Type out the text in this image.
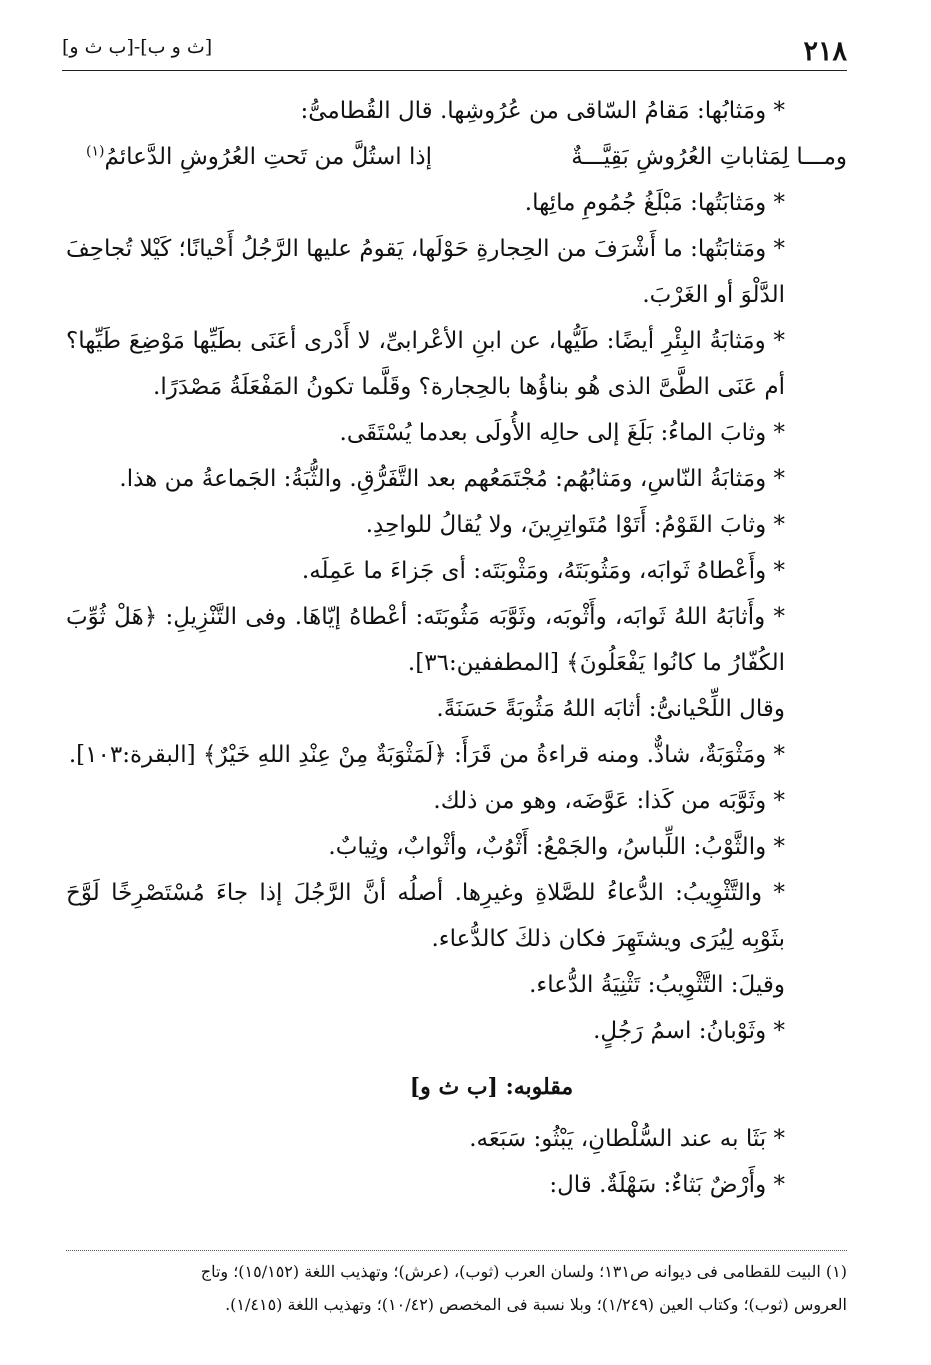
٢١٨
[ث و ب]-[ب ث و]

* ومَثابُها: مَقامُ السّاقى من عُرُوشِها. قال القُطامىُّ:

ومـــا لِمَثاباتِ العُرُوشِ بَقِيَّـــةٌ
إذا استُلَّ من تَحتِ العُرُوشِ الدَّعائمُ$^{(١)}$

* ومَثابَتُها: مَبْلَغُ جُمُومِ مائِها.

* ومَثابَتُها: ما أَشْرَفَ من الحِجارةِ حَوْلَها، يَقومُ عليها الرَّجُلُ أَحْيانًا؛ كَيْلا تُجاحِفَ الدَّلْوَ أو الغَرْبَ.

* ومَثابَةُ البِئْرِ أيضًا: طَيُّها، عن ابنِ الأعْرابىِّ، لا أَدْرى أعَنَى بطَيِّها مَوْضِعَ طَيِّها؟ أم عَنَى الطَّىَّ الذى هُو بناؤُها بالحِجارة؟ وقَلَّما تكونُ المَفْعَلَةُ مَصْدَرًا.

* وثابَ الماءُ: بَلَغَ إلى حالِه الأُولَى بعدما يُسْتَقَى.

* ومَثابَةُ النّاسِ، ومَثابُهُم: مُجْتَمَعُهم بعد التَّفَرُّقِ. والثُّبَةُ: الجَماعةُ من هذا.

* وثابَ القَوْمُ: أَتَوْا مُتَواتِرِينَ، ولا يُقالُ للواحِدِ.

* وأَعْطاهُ ثَوابَه، ومَثُوبَتَهُ، ومَثْوبَتَه: أى جَزاءَ ما عَمِلَه.

* وأَثابَهُ اللهُ ثَوابَه، وأَثْوبَه، وثَوَّبَه مَثُوبَتَه: أعْطاهُ إيّاهَا. وفى التَّنْزِيلِ: ﴿هَلْ ثُوِّبَ الكُفّارُ ما كانُوا يَفْعَلُونَ﴾ [المطففين:٣٦].

وقال اللِّحْيانىُّ: أثابَه اللهُ مَثُوبَةً حَسَنَةً.

* ومَثْوَبَةٌ، شاذٌّ. ومنه قراءةُ من قَرَأَ: ﴿لَمَثْوَبَةٌ مِنْ عِنْدِ اللهِ خَيْرٌ﴾ [البقرة:١٠٣].

* وثَوَّبَه من كَذا: عَوَّضَه، وهو من ذلك.

* والثَّوْبُ: اللِّباسُ، والجَمْعُ: أَثْوُبٌ، وأثْوابٌ، وثِيابٌ.

* والتَّثْوِيبُ: الدُّعاءُ للصَّلاةِ وغيرِها. أصلُه أنَّ الرَّجُلَ إذا جاءَ مُسْتَصْرِخًا لَوَّحَ بثَوْبِه لِيُرَى ويشتَهِرَ فكان ذلكَ كالدُّعاء.

وقيلَ: التَّثْوِيبُ: تَثْنِيَةُ الدُّعاء.

* وثَوْبانُ: اسمُ رَجُلٍ.

مقلوبه: [ب ث و]

* بَثَا به عند السُّلْطانِ، يَبْثُو: سَبَعَه.

* وأَرْضٌ بَثاءٌ: سَهْلَةٌ. قال:

(١) البيت للقطامى فى ديوانه ص١٣١؛ ولسان العرب (ثوب)، (عرش)؛ وتهذيب اللغة (١٥/١٥٢)؛ وتاج

العروس (ثوب)؛ وكتاب العين (١/٢٤٩)؛ وبلا نسبة فى المخصص (١٠/٤٢)؛ وتهذيب اللغة (١/٤١٥).
